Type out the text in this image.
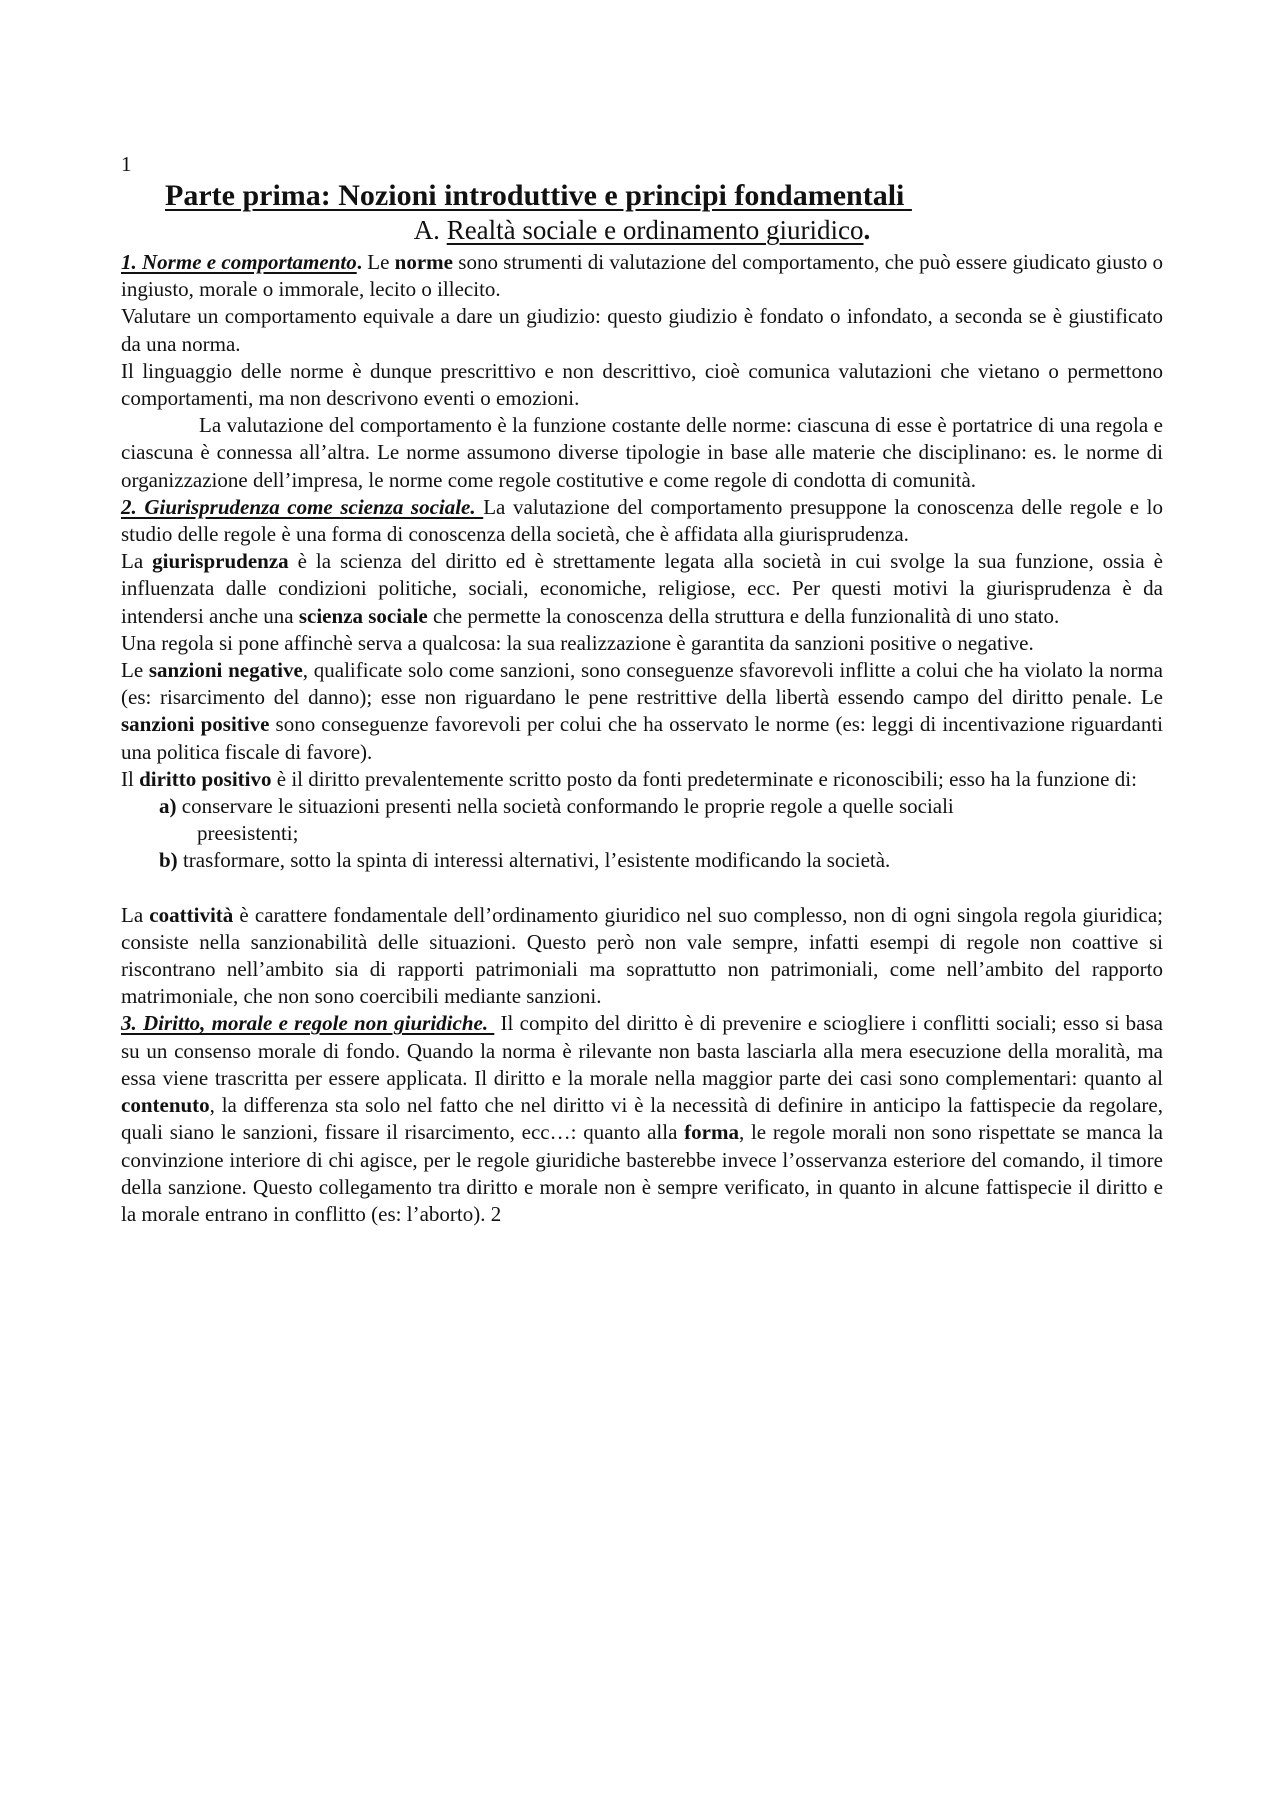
1
Parte prima: Nozioni introduttive e principi fondamentali
A. Realtà sociale e ordinamento giuridico.

1. Norme e comportamento. Le norme sono strumenti di valutazione del comportamento, che può essere giudicato giusto o ingiusto, morale o immorale, lecito o illecito.

Valutare un comportamento equivale a dare un giudizio: questo giudizio è fondato o infondato, a seconda se è giustificato da una norma.

Il linguaggio delle norme è dunque prescrittivo e non descrittivo, cioè comunica valutazioni che vietano o permettono comportamenti, ma non descrivono eventi o emozioni.

La valutazione del comportamento è la funzione costante delle norme: ciascuna di esse è portatrice di una regola e ciascuna è connessa all’altra. Le norme assumono diverse tipologie in base alle materie che disciplinano: es. le norme di organizzazione dell’impresa, le norme come regole costitutive e come regole di condotta di comunità.

2. Giurisprudenza come scienza sociale. La valutazione del comportamento presuppone la conoscenza delle regole e lo studio delle regole è una forma di conoscenza della società, che è affidata alla giurisprudenza.

La giurisprudenza è la scienza del diritto ed è strettamente legata alla società in cui svolge la sua funzione, ossia è influenzata dalle condizioni politiche, sociali, economiche, religiose, ecc. Per questi motivi la giurisprudenza è da intendersi anche una scienza sociale che permette la conoscenza della struttura e della funzionalità di uno stato.

Una regola si pone affinchè serva a qualcosa: la sua realizzazione è garantita da sanzioni positive o negative.

Le sanzioni negative, qualificate solo come sanzioni, sono conseguenze sfavorevoli inflitte a colui che ha violato la norma (es: risarcimento del danno); esse non riguardano le pene restrittive della libertà essendo campo del diritto penale. Le sanzioni positive sono conseguenze favorevoli per colui che ha osservato le norme (es: leggi di incentivazione riguardanti una politica fiscale di favore).

Il diritto positivo è il diritto prevalentemente scritto posto da fonti predeterminate e riconoscibili; esso ha la funzione di:

a) conservare le situazioni presenti nella società conformando le proprie regole a quelle sociali
preesistenti;
b) trasformare, sotto la spinta di interessi alternativi, l’esistente modificando la società.

La coattività è carattere fondamentale dell’ordinamento giuridico nel suo complesso, non di ogni singola regola giuridica; consiste nella sanzionabilità delle situazioni. Questo però non vale sempre, infatti esempi di regole non coattive si riscontrano nell’ambito sia di rapporti patrimoniali ma soprattutto non patrimoniali, come nell’ambito del rapporto matrimoniale, che non sono coercibili mediante sanzioni.

3. Diritto, morale e regole non giuridiche.  Il compito del diritto è di prevenire e sciogliere i conflitti sociali; esso si basa su un consenso morale di fondo. Quando la norma è rilevante non basta lasciarla alla mera esecuzione della moralità, ma essa viene trascritta per essere applicata. Il diritto e la morale nella maggior parte dei casi sono complementari: quanto al contenuto, la differenza sta solo nel fatto che nel diritto vi è la necessità di definire in anticipo la fattispecie da regolare, quali siano le sanzioni, fissare il risarcimento, ecc…: quanto alla forma, le regole morali non sono rispettate se manca la convinzione interiore di chi agisce, per le regole giuridiche basterebbe invece l’osservanza esteriore del comando, il timore della sanzione. Questo collegamento tra diritto e morale non è sempre verificato, in quanto in alcune fattispecie il diritto e la morale entrano in conflitto (es: l’aborto). 2
